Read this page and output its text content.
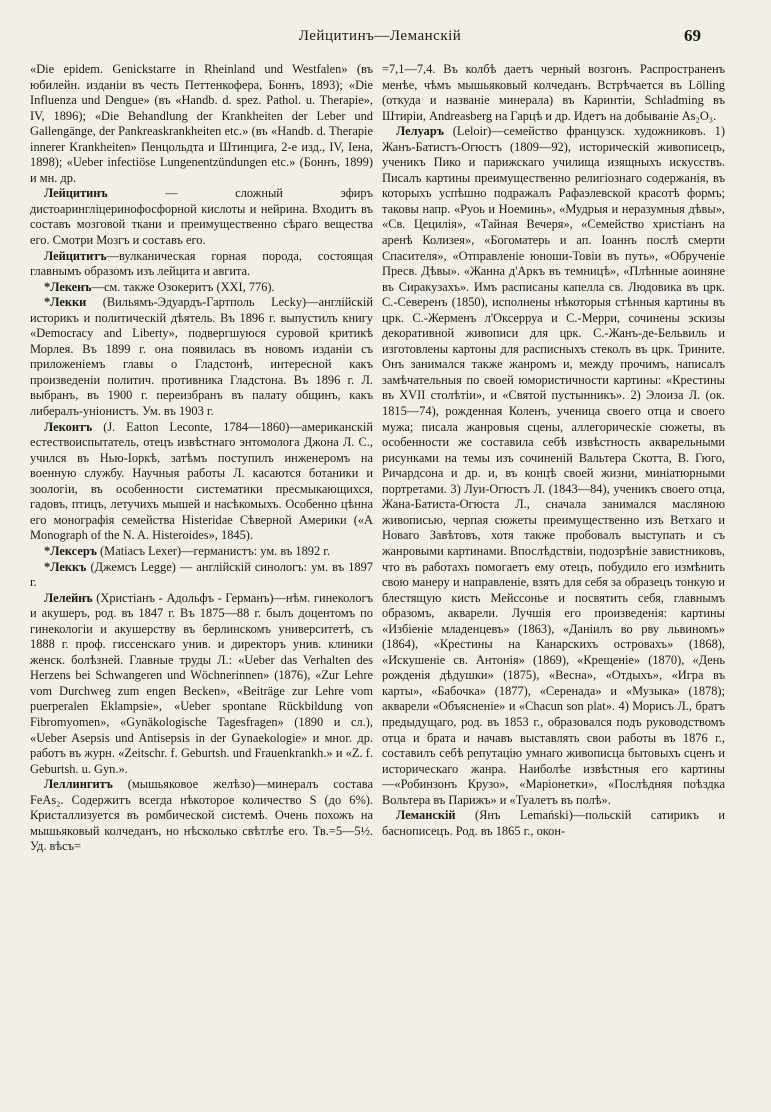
Лейцитинъ—Леманскій	69

«Die epidem. Genickstarre in Rheinland und Westfalen» (въ юбилейн. изданіи въ честь Петтенкофера, Боннъ, 1893); «Die Influenza und Dengue» (въ «Handb. d. spez. Pathol. u. Therapie», IV, 1896); «Die Behandlung der Krankheiten der Leber und Gallengänge, der Pankreaskrankheiten etc.» (въ «Handb. d. Therapie innerer Krankheiten» Пенцольдта и Штинцига, 2-е изд., IV, Іена, 1898); «Ueber infectiöse Lungenentzündungen etc.» (Боннъ, 1899) и мн. др.

Лейцитинъ — сложный эфиръ дистоарингліцеринофосфорной кислоты и нейрина. Входитъ въ составъ мозговой ткани и преимущественно сѣраго вещества его. Смотри Мозгъ и составъ его.

Лейцититъ—вулканическая горная порода, состоящая главнымъ образомъ изъ лейцита и авгита.

*Лекенъ—см. также Озокеритъ (XXI, 776).

*Лекки (Вильямъ-Эдуардъ-Гартполь Lecky)—англійскій историкъ и политическій дѣятель. Въ 1896 г. выпустилъ книгу «Democracy and Liberty», подвергшуюся суровой критикѣ Морлея. Въ 1899 г. она появилась въ новомъ изданіи съ приложеніемъ главы о Гладстонѣ, интересной какъ произведеніи политич. противника Гладстона. Въ 1896 г. Л. выбранъ, въ 1900 г. переизбранъ въ палату общинъ, какъ либералъ-уніонистъ. Ум. въ 1903 г.

Леконтъ (J. Eatton Leconte, 1784—1860)—американскій естествоиспытатель, отецъ извѣстнаго энтомолога Джона Л. С., учился въ Нью-Іоркѣ, затѣмъ поступилъ инженеромъ на военную службу. Научныя работы Л. касаются ботаники и зоологіи, въ особенности систематики пресмыкающихся, гадовъ, птицъ, летучихъ мышей и насѣкомыхъ. Особенно цѣнна его монографія семейства Histeridae Сѣверной Америки («A Monograph of the N. A. Histeroides», 1845).

*Лексеръ (Matiaсъ Lexer)—германистъ: ум. въ 1892 г.

*Леккъ (Джемсъ Legge) — англійскій синологъ: ум. въ 1897 г.

Лелейнъ (Христіанъ - Адольфъ - Германъ)—нѣм. гинекологъ и акушеръ, род. въ 1847 г. Въ 1875—88 г. былъ доцентомъ по гинекологіи и акушерству въ берлинскомъ университетѣ, съ 1888 г. проф. гиссенскаго унив. и директоръ унив. клиники женск. болѣзней. Главные труды Л.: «Ueber das Verhalten des Herzens bei Schwangeren und Wöchnerinnen» (1876), «Zur Lehre vom Durchweg zum engen Becken», «Beiträge zur Lehre vom puerperalen Eklampsie», «Ueber spontane Rückbildung von Fibromyomen», «Gynäkologische Tagesfragen» (1890 и сл.), «Ueber Asepsis und Antisepsis in der Gynaekologie» и мног. др. работъ въ журн. «Zeitschr. f. Geburtsh. und Frauenkrankh.» и «Z. f. Geburtsh. u. Gyn.».

Леллингитъ (мышьяковое желѣзо)—минералъ состава FeAs₂. Содержитъ всегда нѣкоторое количество S (до 6%). Кристаллизуется въ ромбической системѣ. Очень похожъ на мышьяковый колчеданъ, но нѣсколько свѣтлѣе его. Тв.=5—5½. Уд. вѣсъ=

=7,1—7,4. Въ колбѣ даетъ черный возгонъ. Распространенъ менѣе, чѣмъ мышьяковый колчеданъ. Встрѣчается въ Lölling (откуда и названіе минерала) въ Каринтіи, Schladming въ Штиріи, Andreasberg на Гарцѣ и др. Идетъ на добываніе As₂O₃.

Лелуаръ (Leloir)—семейство французск. художниковъ. 1) Жанъ-Батистъ-Огюстъ (1809—92), историческій живописецъ, ученикъ Пико и парижскаго училища изящныхъ искусствъ. Писалъ картины преимущественно религіознаго содержанія, въ которыхъ успѣшно подражалъ Рафаэлевской красотѣ формъ; таковы напр. «Руоь и Ноеминь», «Мудрыя и неразумныя дѣвы», «Св. Цецилія», «Тайная Вечеря», «Семейство христіанъ на аренѣ Колизея», «Богоматерь и ап. Іоаннъ послѣ смерти Спасителя», «Отправленіе юноши-Товіи въ путь», «Обрученіе Пресв. Дѣвы». «Жанна д'Аркъ въ темницѣ», «Плѣнные аоиняне въ Сиракузахъ». Имъ расписаны капелла св. Людовика въ црк. С.-Северенъ (1850), исполнены нѣкоторыя стѣнныя картины въ црк. С.-Жерменъ л'Оксерруа и С.-Мерри, сочинены эскизы декоративной живописи для црк. С.-Жанъ-де-Бельвиль и изготовлены картоны для расписныхъ стеколъ въ црк. Трините. Онъ занимался также жанромъ и, между прочимъ, написалъ замѣчательныя по своей юмористичности картины: «Крестины въ XVII столѣтіи», и «Святой пустынникъ». 2) Элоиза Л. (ок. 1815—74), рожденная Коленъ, ученица своего отца и своего мужа; писала жанровыя сцены, аллегорическіе сюжеты, въ особенности же составила себѣ извѣстность акварельными рисунками на темы изъ сочиненій Вальтера Скотта, В. Гюго, Ричардсона и др. и, въ концѣ своей жизни, миніатюрными портретами. 3) Луи-Огюстъ Л. (1843—84), ученикъ своего отца, Жана-Батиста-Огюста Л., сначала занимался масляною живописью, черпая сюжеты преимущественно изъ Ветхаго и Новаго Завѣтовъ, хотя также пробовалъ выступать и съ жанровыми картинами. Впослѣдствіи, подозрѣніе завистниковъ, что въ работахъ помогаетъ ему отецъ, побудило его измѣнить свою манеру и направленіе, взять для себя за образецъ тонкую и блестящую кисть Мейссонье и посвятить себя, главнымъ образомъ, акварели. Лучшія его произведенія: картины «Избіеніе младенцевъ» (1863), «Даніилъ во рву львиномъ» (1864), «Крестины на Канарскихъ островахъ» (1868), «Искушеніе св. Антонія» (1869), «Крещеніе» (1870), «День рожденія дѣдушки» (1875), «Весна», «Отдыхъ», «Игра въ карты», «Бабочка» (1877), «Серенада» и «Музыка» (1878); акварели «Объясненіе» и «Chacun son plat». 4) Морисъ Л., братъ предыдущаго, род. въ 1853 г., образовался подъ руководствомъ отца и брата и начавъ выставлять свои работы въ 1876 г., составилъ себѣ репутацію умнаго живописца бытовыхъ сценъ и историческаго жанра. Наиболѣе извѣстныя его картины—«Робинзонъ Крузо», «Маріонетки», «Послѣдняя поѣздка Вольтера въ Парижъ» и «Туалетъ въ полѣ».

Леманскій (Янъ Lemański)—польскій сатирикъ и баснописецъ. Род. въ 1865 г., окон-
